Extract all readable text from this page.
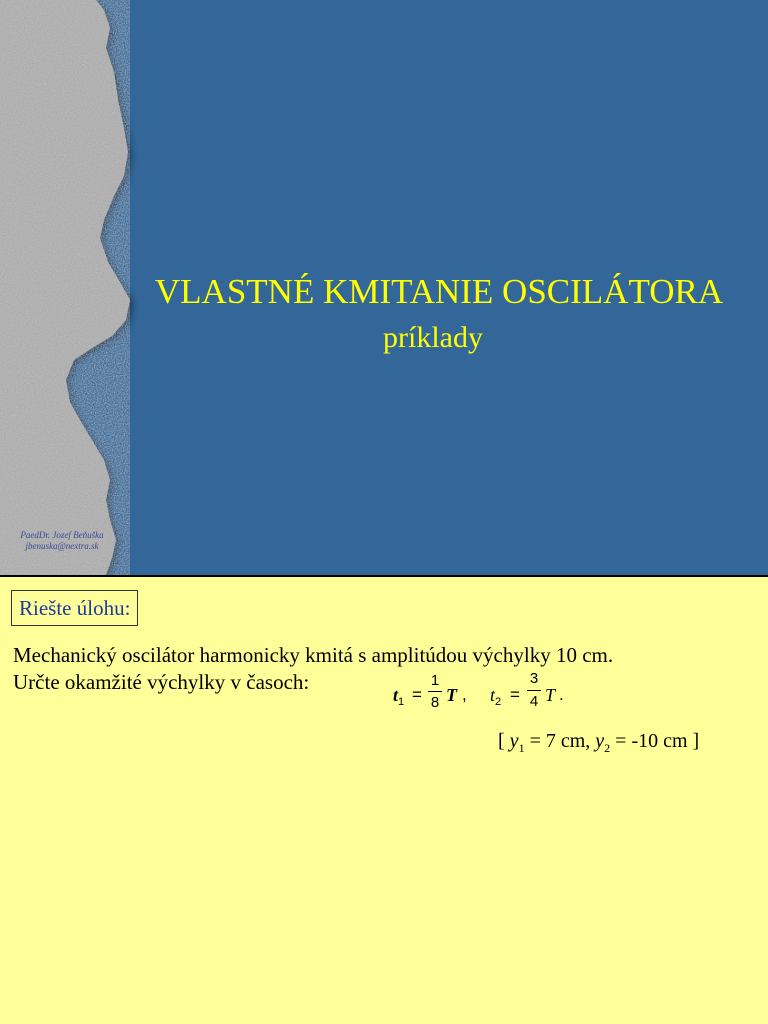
VLASTNÉ KMITANIE OSCILÁTORA
príklady
PaedDr. Jozef Beňuška
jbenuska@nextra.sk
Riešte úlohu:
Mechanický oscilátor harmonicky kmitá s amplitúdou výchylky 10 cm.
Určte okamžité výchylky v časoch:
$t_1$ =
1
8 T , $t_2$ =
3
4 T .
[ $y_1 = 7$ cm, $y_2 = -10$ cm ]
